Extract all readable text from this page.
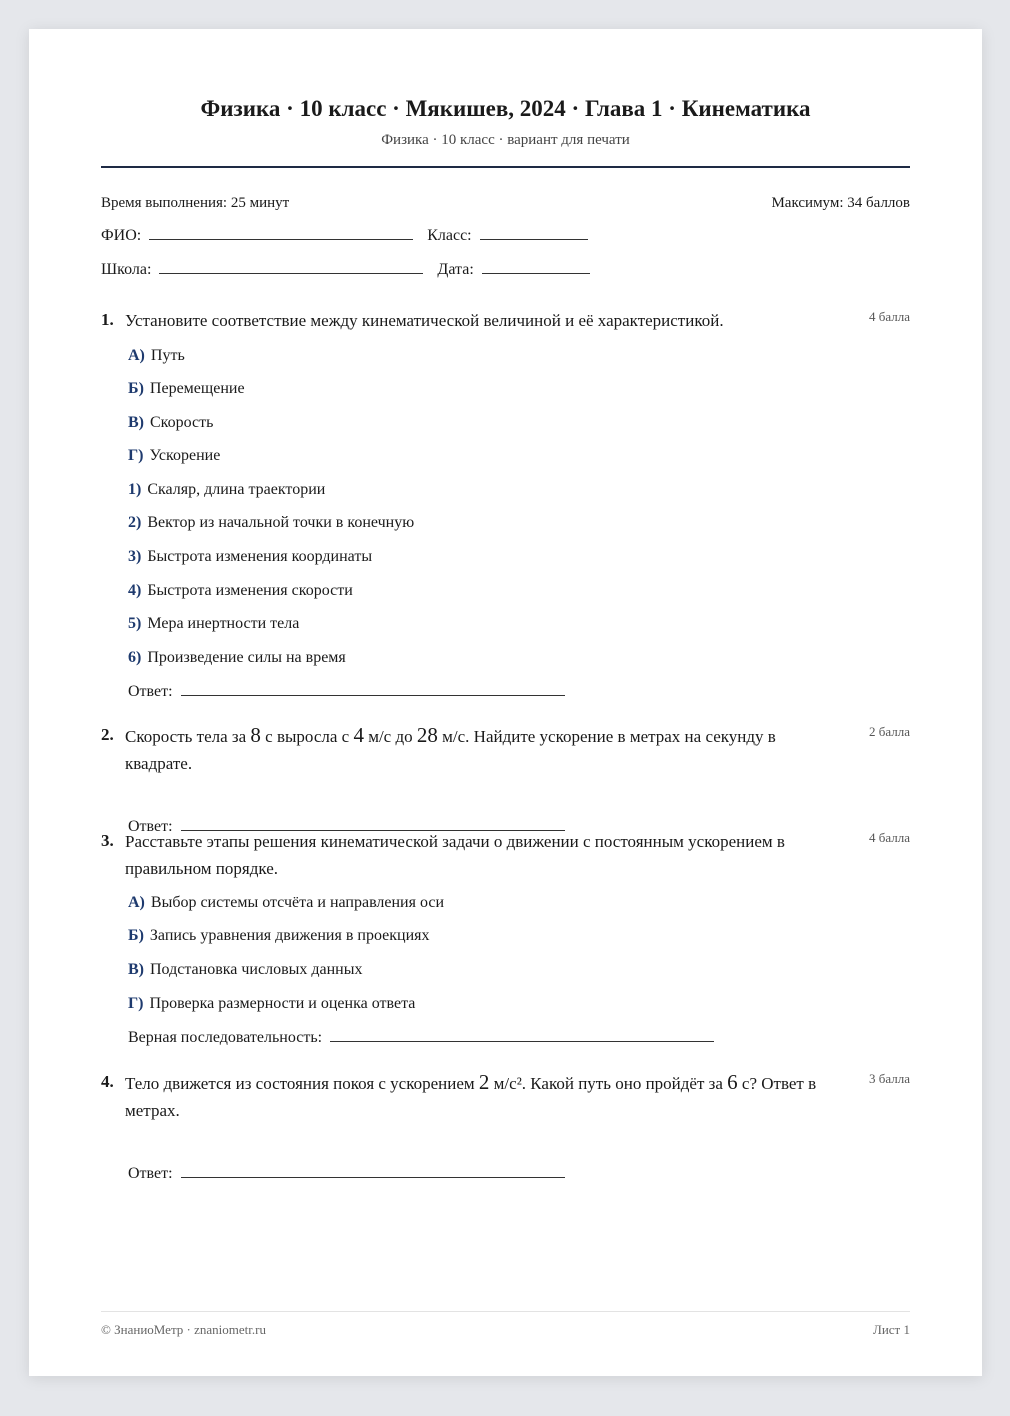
Физика · 10 класс · Мякишев, 2024 · Глава 1 · Кинематика
Физика · 10 класс · вариант для печати
Время выполнения: 25 минут	Максимум: 34 баллов
ФИО:	Класс:
Школа:	Дата:
1. Установите соответствие между кинематической величиной и её характеристикой.	4 балла
А) Путь
Б) Перемещение
В) Скорость
Г) Ускорение
1) Скаляр, длина траектории
2) Вектор из начальной точки в конечную
3) Быстрота изменения координаты
4) Быстрота изменения скорости
5) Мера инертности тела
6) Произведение силы на время
Ответ:
2. Скорость тела за 8 с выросла с 4 м/с до 28 м/с. Найдите ускорение в метрах на секунду в квадрате.
2 балла
Ответ:
3. Расставьте этапы решения кинематической задачи о движении с постоянным ускорением в правильном порядке.
4 балла
А) Выбор системы отсчёта и направления оси
Б) Запись уравнения движения в проекциях
В) Подстановка числовых данных
Г) Проверка размерности и оценка ответа
Верная последовательность:
4. Тело движется из состояния покоя с ускорением 2 м/с². Какой путь оно пройдёт за 6 с? Ответ в метрах.
3 балла
Ответ:
© ЗнаниоМетр · znaniometr.ru	Лист 1
